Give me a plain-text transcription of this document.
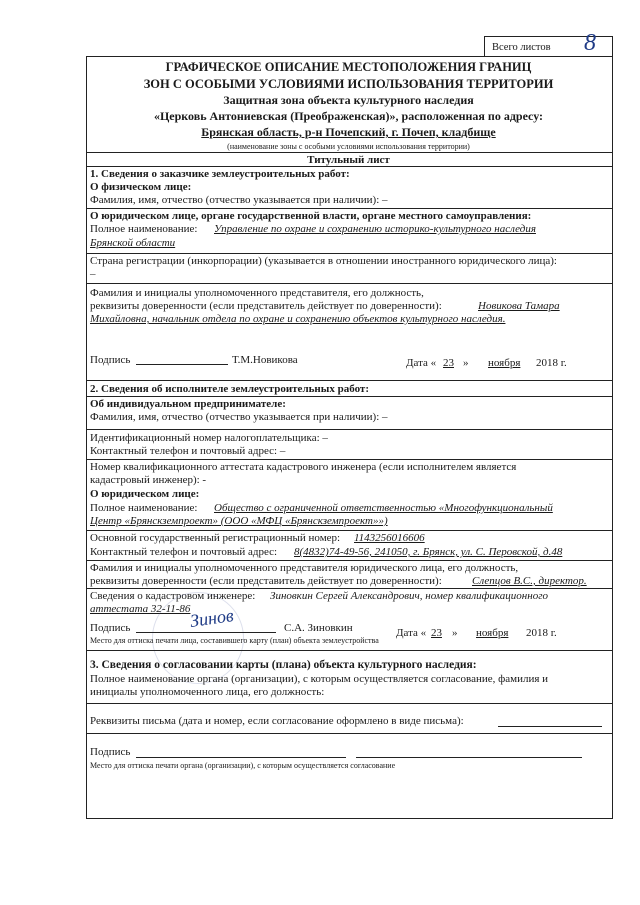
Всего листов 8
ГРАФИЧЕСКОЕ ОПИСАНИЕ МЕСТОПОЛОЖЕНИЯ ГРАНИЦ
ЗОН С ОСОБЫМИ УСЛОВИЯМИ ИСПОЛЬЗОВАНИЯ ТЕРРИТОРИИ
Защитная зона объекта культурного наследия
«Церковь Антониевская (Преображенская)», расположенная по адресу:
Брянская область, р-н Почепский, г. Почеп, кладбище
(наименование зоны с особыми условиями использования территории)
Титульный лист
1. Сведения о заказчике землеустроительных работ:
О физическом лице:
Фамилия, имя, отчество (отчество указывается при наличии): –
О юридическом лице, органе государственной власти, органе местного самоуправления:
Полное наименование: Управление по охране и сохранению историко-культурного наследия
Брянской области
Страна регистрации (инкорпорации) (указывается в отношении иностранного юридического лица):
–
Фамилия и инициалы уполномоченного представителя, его должность,
реквизиты доверенности (если представитель действует по доверенности):	Новикова Тамара
Михайловна, начальник отдела по охране и сохранению объектов культурного наследия.
Подпись	Т.М.Новикова	Дата « 23 » ноября 2018 г.
2. Сведения об исполнителе землеустроительных работ:
Об индивидуальном предпринимателе:
Фамилия, имя, отчество (отчество указывается при наличии): –
Идентификационный номер налогоплательщика: –
Контактный телефон и почтовый адрес: –
Номер квалификационного аттестата кадастрового инженера (если исполнителем является
кадастровый инженер): -
О юридическом лице:
Полное наименование: Общество с ограниченной ответственностью «Многофункциональный
Центр «Брянскземпроект» (ООО «МФЦ «Брянскземпроект»»)
Основной государственный регистрационный номер: 1143256016606
Контактный телефон и почтовый адрес: 8(4832)74-49-56, 241050, г. Брянск, ул. С. Перовской, д.48
Фамилия и инициалы уполномоченного представителя юридического лица, его должность,
реквизиты доверенности (если представитель действует по доверенности):	Слепцов В.С., директор.
Сведения о кадастровом инженере: Зиновкин Сергей Александрович, номер квалификационного
аттестата 32-11-86
Зинов
Подпись	С.А. Зиновкин	Дата « 23 » ноября 2018 г.
Место для оттиска печати лица, составившего карту (план) объекта землеустройства
3. Сведения о согласовании карты (плана) объекта культурного наследия:
Полное наименование органа (организации), с которым осуществляется согласование, фамилия и
инициалы уполномоченного лица, его должность:
Реквизиты письма (дата и номер, если согласование оформлено в виде письма):
Подпись
Место для оттиска печати органа (организации), с которым осуществляется согласование
